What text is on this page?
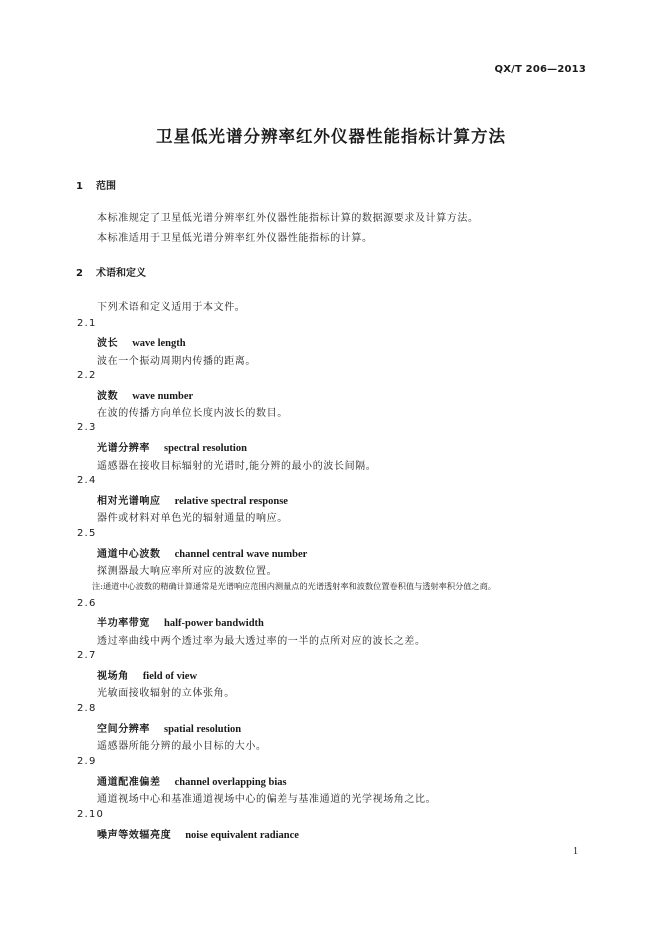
QX/T 206—2013
卫星低光谱分辨率红外仪器性能指标计算方法
1 范围
本标准规定了卫星低光谱分辨率红外仪器性能指标计算的数据源要求及计算方法。
本标准适用于卫星低光谱分辨率红外仪器性能指标的计算。
2 术语和定义
下列术语和定义适用于本文件。
2.1
波长 wave length
波在一个振动周期内传播的距离。
2.2
波数 wave number
在波的传播方向单位长度内波长的数目。
2.3
光谱分辨率 spectral resolution
遥感器在接收目标辐射的光谱时,能分辨的最小的波长间隔。
2.4
相对光谱响应 relative spectral response
器件或材料对单色光的辐射通量的响应。
2.5
通道中心波数 channel central wave number
探测器最大响应率所对应的波数位置。
注:通道中心波数的精确计算通常是光谱响应范围内测量点的光谱透射率和波数位置卷积值与透射率积分值之商。
2.6
半功率带宽 half-power bandwidth
透过率曲线中两个透过率为最大透过率的一半的点所对应的波长之差。
2.7
视场角 field of view
光敏面接收辐射的立体张角。
2.8
空间分辨率 spatial resolution
遥感器所能分辨的最小目标的大小。
2.9
通道配准偏差 channel overlapping bias
通道视场中心和基准通道视场中心的偏差与基准通道的光学视场角之比。
2.10
噪声等效辐亮度 noise equivalent radiance
1
